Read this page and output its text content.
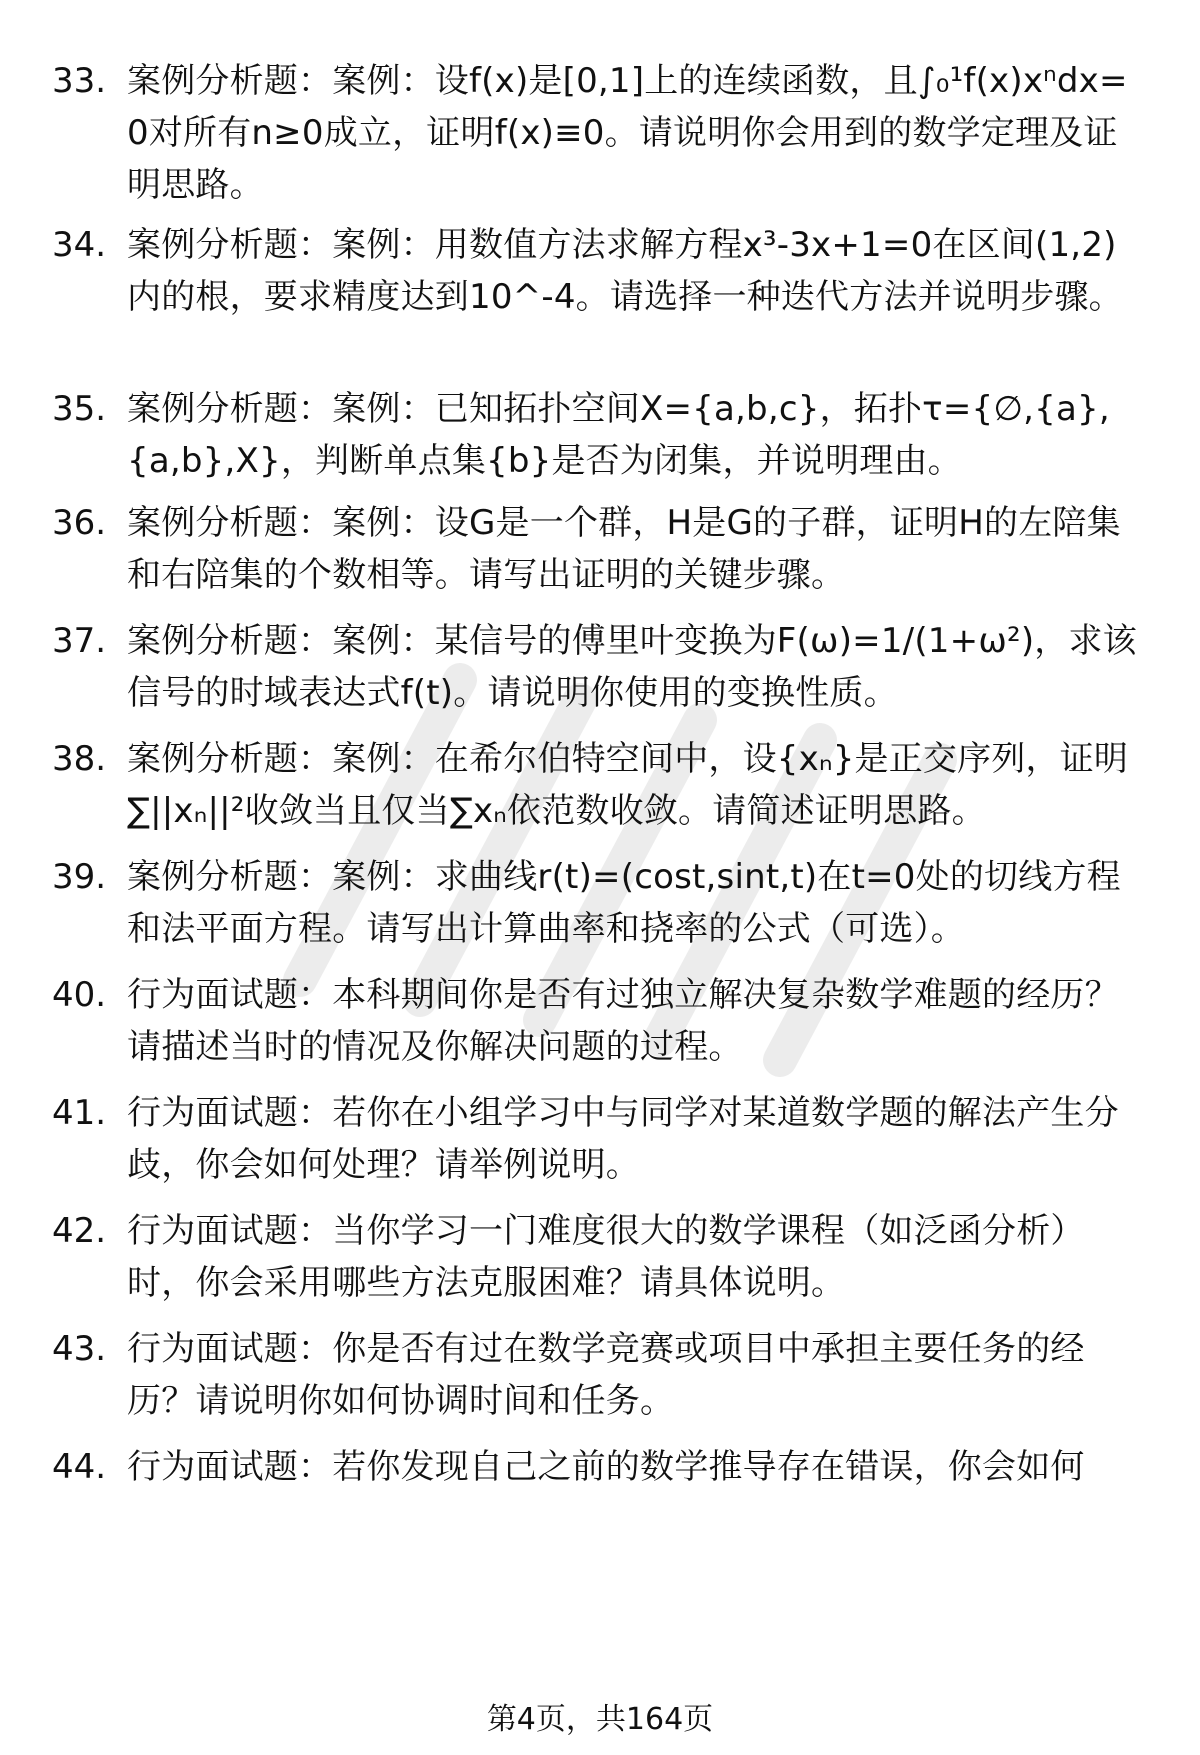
33. 案例分析题：案例：设f(x)是[0,1]上的连续函数，且∫₀¹f(x)xⁿdx=0对所有n≥0成立，证明f(x)≡0。请说明你会用到的数学定理及证明思路。
34. 案例分析题：案例：用数值方法求解方程x³-3x+1=0在区间(1,2)内的根，要求精度达到10^-4。请选择一种迭代方法并说明步骤。
35. 案例分析题：案例：已知拓扑空间X={a,b,c}，拓扑τ={∅,{a},{a,b},X}，判断单点集{b}是否为闭集，并说明理由。
36. 案例分析题：案例：设G是一个群，H是G的子群，证明H的左陪集和右陪集的个数相等。请写出证明的关键步骤。
37. 案例分析题：案例：某信号的傅里叶变换为F(ω)=1/(1+ω²)，求该信号的时域表达式f(t)。请说明你使用的变换性质。
38. 案例分析题：案例：在希尔伯特空间中，设{xₙ}是正交序列，证明∑||xₙ||²收敛当且仅当∑xₙ依范数收敛。请简述证明思路。
39. 案例分析题：案例：求曲线r(t)=(cost,sint,t)在t=0处的切线方程和法平面方程。请写出计算曲率和挠率的公式（可选）。
40. 行为面试题：本科期间你是否有过独立解决复杂数学难题的经历？请描述当时的情况及你解决问题的过程。
41. 行为面试题：若你在小组学习中与同学对某道数学题的解法产生分歧，你会如何处理？请举例说明。
42. 行为面试题：当你学习一门难度很大的数学课程（如泛函分析）时，你会采用哪些方法克服困难？请具体说明。
43. 行为面试题：你是否有过在数学竞赛或项目中承担主要任务的经历？请说明你如何协调时间和任务。
44. 行为面试题：若你发现自己之前的数学推导存在错误，你会如何
第4页，共164页
